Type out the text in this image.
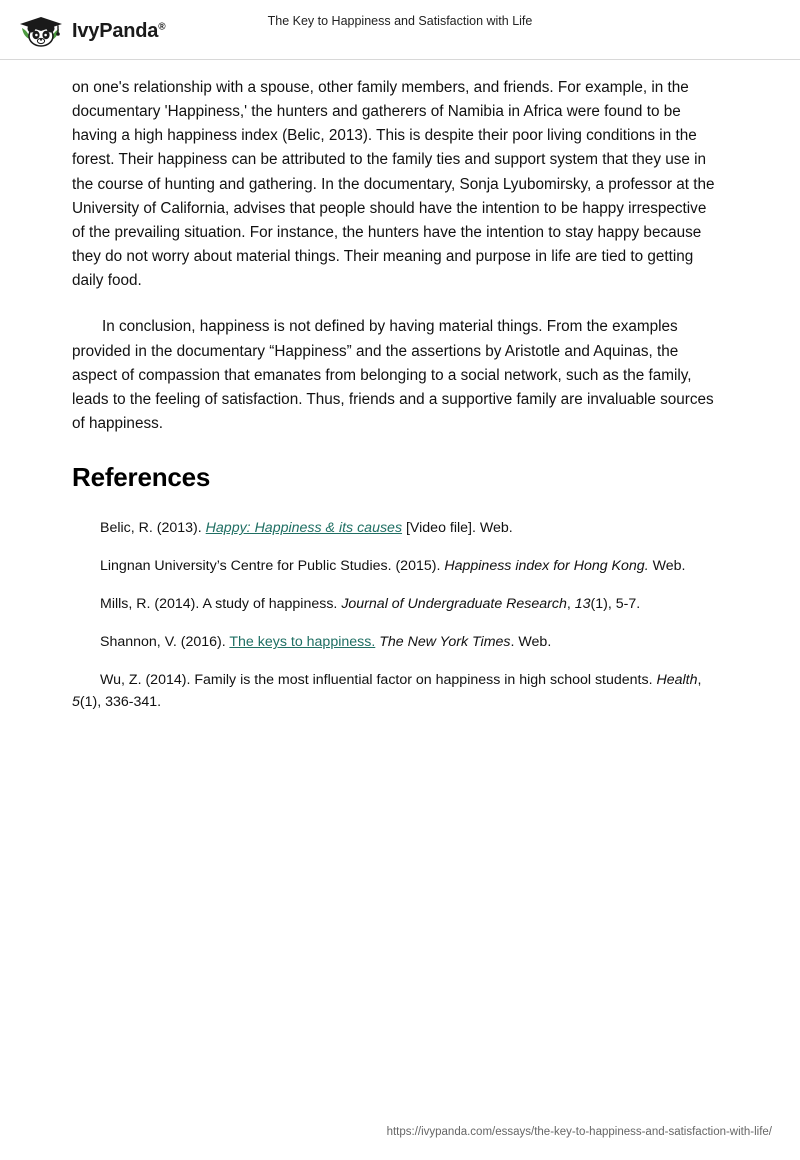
IvyPanda®	The Key to Happiness and Satisfaction with Life

on one's relationship with a spouse, other family members, and friends. For example, in the documentary 'Happiness,' the hunters and gatherers of Namibia in Africa were found to be having a high happiness index (Belic, 2013). This is despite their poor living conditions in the forest. Their happiness can be attributed to the family ties and support system that they use in the course of hunting and gathering. In the documentary, Sonja Lyubomirsky, a professor at the University of California, advises that people should have the intention to be happy irrespective of the prevailing situation. For instance, the hunters have the intention to stay happy because they do not worry about material things. Their meaning and purpose in life are tied to getting daily food.

In conclusion, happiness is not defined by having material things. From the examples provided in the documentary “Happiness” and the assertions by Aristotle and Aquinas, the aspect of compassion that emanates from belonging to a social network, such as the family, leads to the feeling of satisfaction. Thus, friends and a supportive family are invaluable sources of happiness.

References

Belic, R. (2013). Happy: Happiness & its causes [Video file]. Web.

Lingnan University’s Centre for Public Studies. (2015). Happiness index for Hong Kong. Web.

Mills, R. (2014). A study of happiness. Journal of Undergraduate Research, 13(1), 5-7.

Shannon, V. (2016). The keys to happiness. The New York Times. Web.

Wu, Z. (2014). Family is the most influential factor on happiness in high school students. Health, 5(1), 336-341.

https://ivypanda.com/essays/the-key-to-happiness-and-satisfaction-with-life/
